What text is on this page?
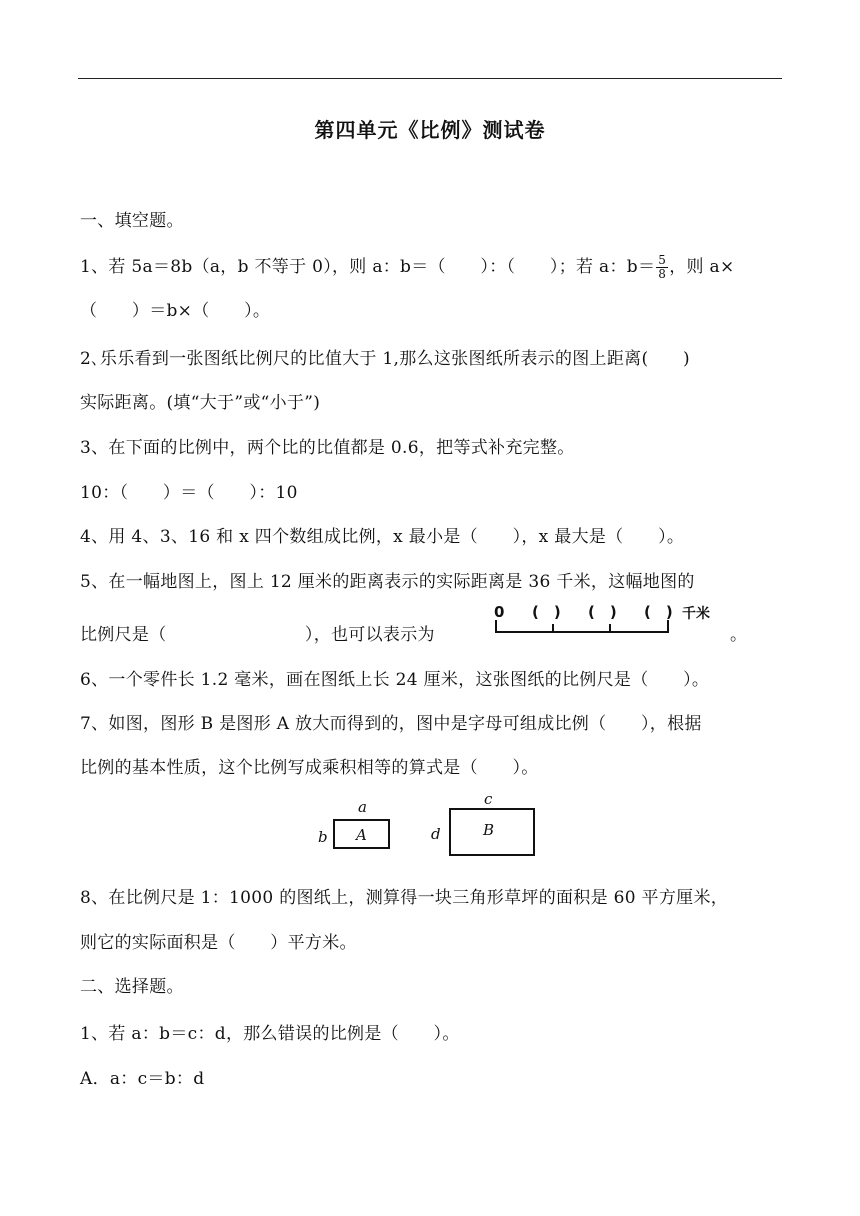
第四单元《比例》测试卷
一、填空题。
1、若 5a＝8b（a，b 不等于 0），则 a：b＝（　　）：（　　）；若 a：$b= \frac{5}{8}$ ，则 a×
（　　）＝b×（　　）。
2､乐乐看到一张图纸比例尺的比值大于 1,那么这张图纸所表示的图上距离(　　)
实际距离。(填“大于”或“小于”)
3、在下面的比例中，两个比的比值都是 0.6，把等式补充完整。
10：（　　）＝（　　）：10
4、用 4、3、16 和 x 四个数组成比例，x 最小是（　　），x 最大是（　　）。
5、在一幅地图上，图上 12 厘米的距离表示的实际距离是 36 千米，这幅地图的
比例尺是（　　　　　　　　），也可以表示为	。
0 (　) (　) (　) 千米
6、一个零件长 1.2 毫米，画在图纸上长 24 厘米，这张图纸的比例尺是（　　）。
7、如图，图形 B 是图形 A 放大而得到的，图中是字母可组成比例（　　），根据
比例的基本性质，这个比例写成乘积相等的算式是（　　）。
a
b A
c
d	B
8、在比例尺是 1：1000 的图纸上，测算得一块三角形草坪的面积是 60 平方厘米，
则它的实际面积是（　　）平方米。
二、选择题。
1、若 a：b＝c：d，那么错误的比例是（　　）。
A．a：c＝b：d
